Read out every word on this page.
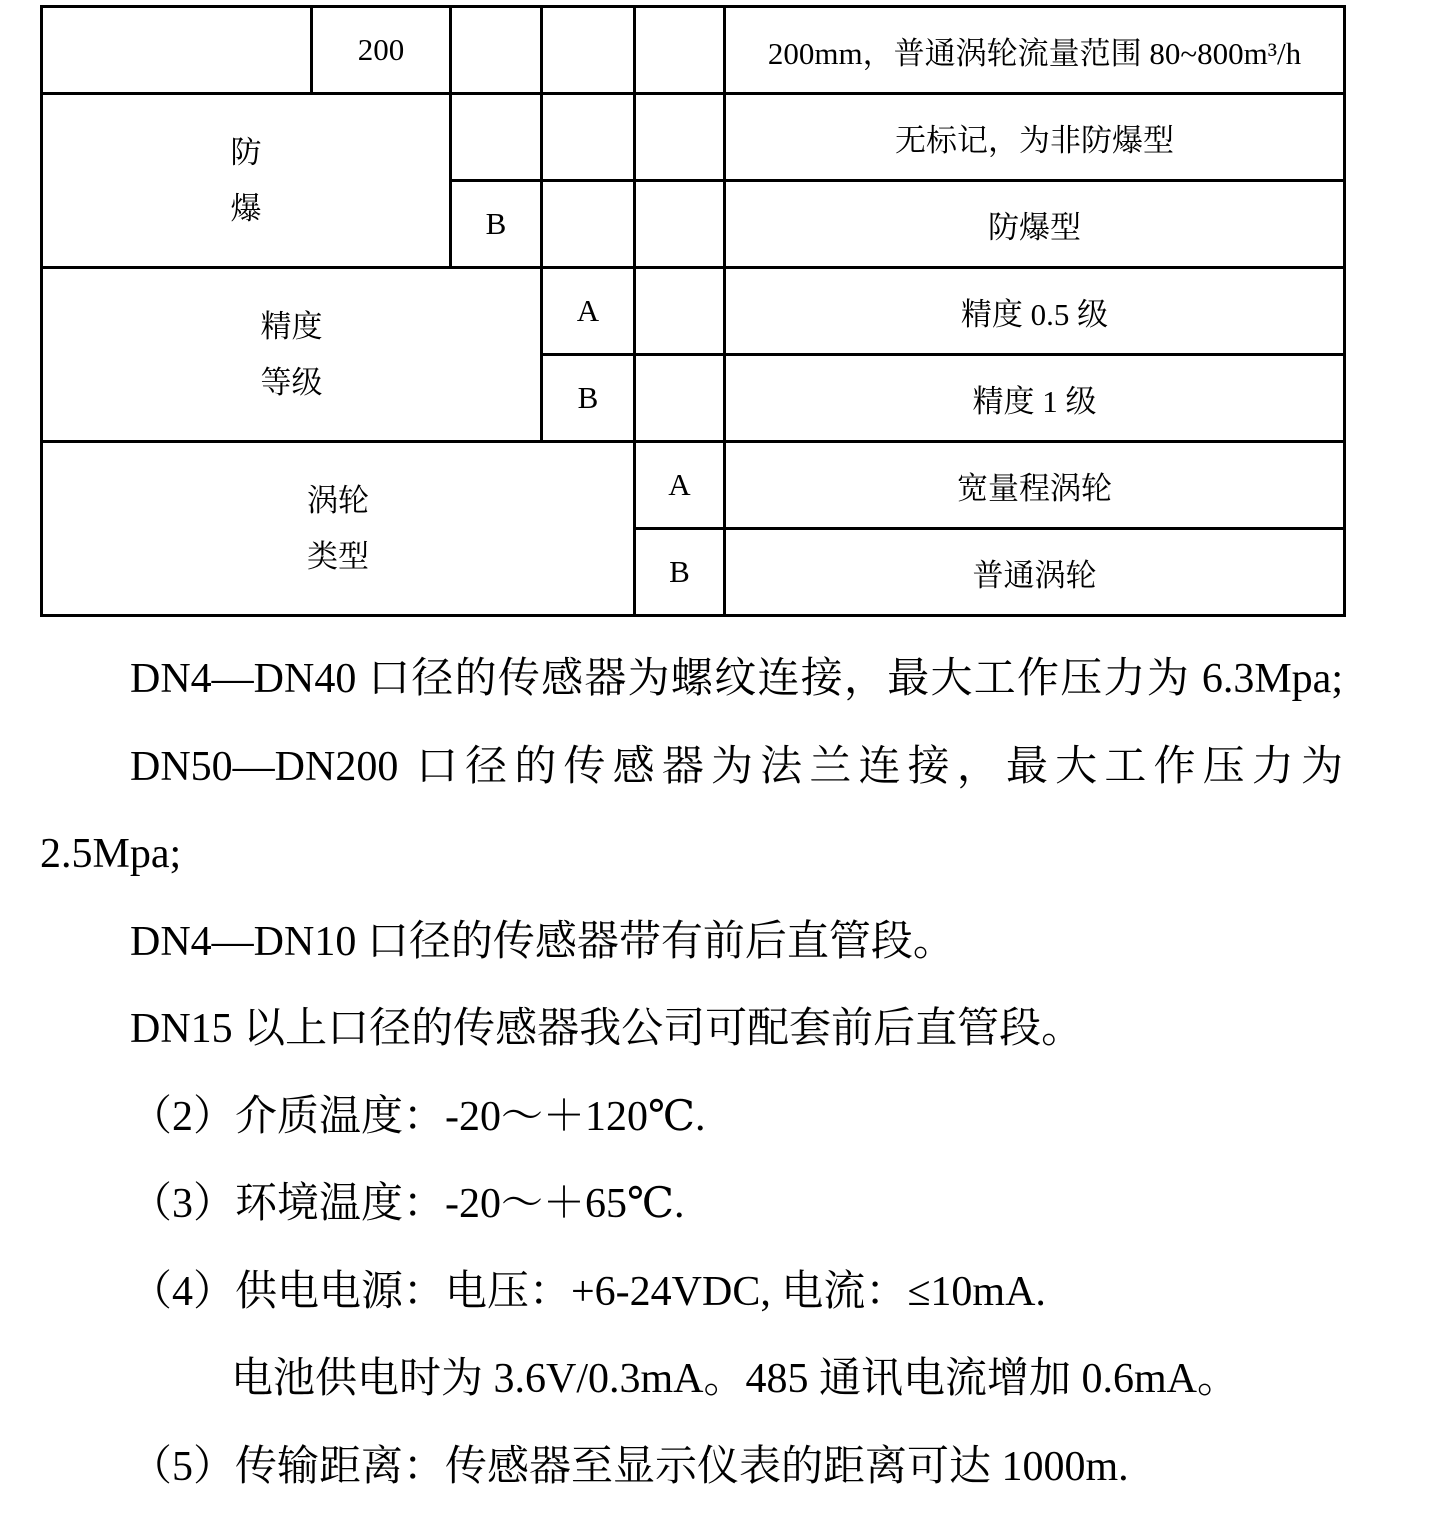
	200				200mm，普通涡轮流量范围 80~800m³/h
防爆					无标记，为非防爆型
		B			防爆型
精度等级			A		精度 0.5 级
			B		精度 1 级
涡轮类型				A	宽量程涡轮
				B	普通涡轮
DN4—DN40 口径的传感器为螺纹连接，最大工作压力为 6.3Mpa;
DN50—DN200 口径的传感器为法兰连接，最大工作压力为
2.5Mpa;
DN4—DN10 口径的传感器带有前后直管段。
DN15 以上口径的传感器我公司可配套前后直管段。
（2）介质温度：-20～＋120℃.
（3）环境温度：-20～＋65℃.
（4）供电电源：电压：+6-24VDC, 电流：≤10mA.
电池供电时为 3.6V/0.3mA。485 通讯电流增加 0.6mA。
（5）传输距离：传感器至显示仪表的距离可达 1000m.
